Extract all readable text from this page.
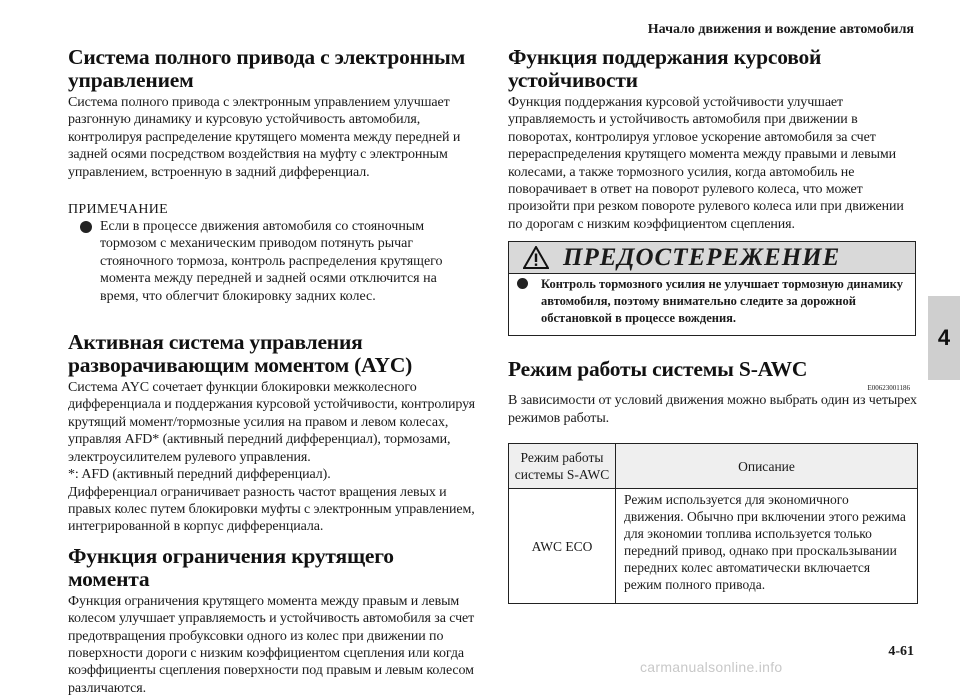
Начало движения и вождение автомобиля
Система полного привода с электронным управлением

Система полного привода с электронным управлением улучшает разгонную динамику и курсовую устойчивость автомобиля, контролируя распределение крутящего момента между передней и задней осями посредством воздействия на муфту с электронным управлением, встроенную в задний дифференциал.

ПРИМЕЧАНИЕ
Если в процессе движения автомобиля со стояночным тормозом с механическим приводом потянуть рычаг стояночного тормоза, контроль распределения крутящего момента между передней и задней осями отключится на время, что облегчит блокировку задних колес.
Активная система управления разворачивающим моментом (AYC)

Система AYC сочетает функции блокировки межколесного дифференциала и поддержания курсовой устойчивости, контролируя крутящий момент/тормозные усилия на правом и левом колесах, управляя AFD* (активный передний дифференциал), тормозами, электроусилителем рулевого управления.

*: AFD (активный передний дифференциал).

Дифференциал ограничивает разность частот вращения левых и правых колес путем блокировки муфты с электронным управлением, интегрированной в корпус дифференциала.

Функция ограничения крутящего момента

Функция ограничения крутящего момента между правым и левым колесом улучшает управляемость и устойчивость автомобиля за счет предотвращения пробуксовки одного из колес при движении по поверхности дороги с низким коэффициентом сцепления или когда коэффициенты сцепления поверхности под правым и левым колесом различаются.

Функция поддержания курсовой устойчивости

Функция поддержания курсовой устойчивости улучшает управляемость и устойчивость автомобиля при движении в поворотах, контролируя угловое ускорение автомобиля за счет перераспределения крутящего момента между правыми и левыми колесами, а также тормозного усилия, когда автомобиль не поворачивает в ответ на поворот рулевого колеса, что может произойти при резком повороте рулевого колеса или при движении по дорогам с низким коэффициентом сцепления.

ПРЕДОСТЕРЕЖЕНИЕ
Контроль тормозного усилия не улучшает тормозную динамику автомобиля, поэтому внимательно следите за дорожной обстановкой в процессе вождения.
Режим работы системы S-AWC
E00623001186

В зависимости от условий движения можно выбрать один из четырех режимов работы.

Режим работы системы S-AWC	Описание
AWC ECO	Режим используется для экономичного движения. Обычно при включении этого режима для экономии топлива используется только передний привод, однако при проскальзывании передних колес автоматически включается режим полного привода.
4
4-61
carmanualsonline.info
